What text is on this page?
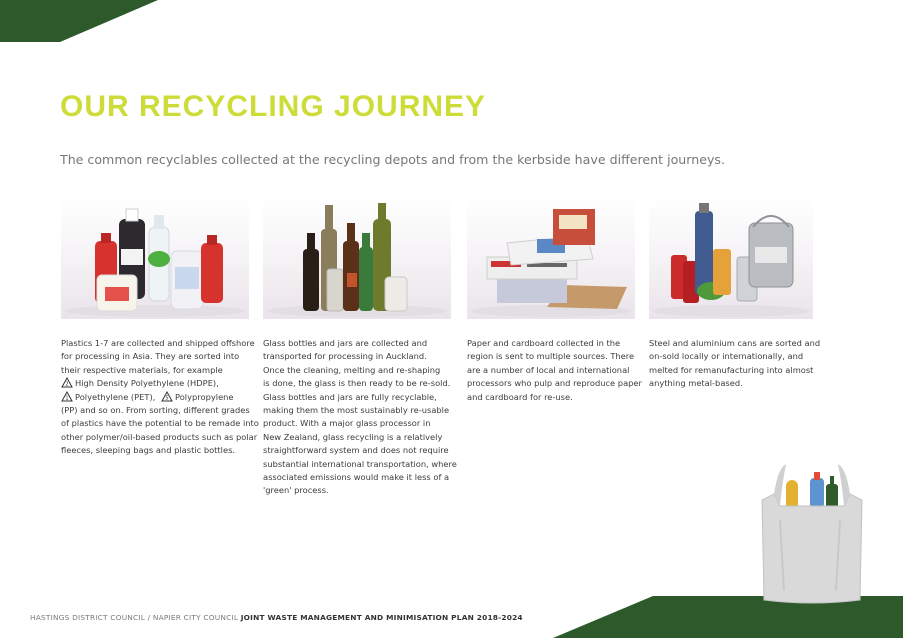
OUR RECYCLING JOURNEY

The common recyclables collected at the recycling depots and from the kerbside have different journeys.

Plastics 1-7 are collected and shipped offshore
for processing in Asia. They are sorted into
their respective materials, for example
2 High Density Polyethylene (HDPE),
1 Polyethylene (PET), 5 Polypropylene
(PP) and so on. From sorting, different grades
of plastics have the potential to be remade into
other polymer/oil-based products such as polar
fleeces, sleeping bags and plastic bottles.
Glass bottles and jars are collected and
transported for processing in Auckland.
Once the cleaning, melting and re-shaping
is done, the glass is then ready to be re-sold.
Glass bottles and jars are fully recyclable,
making them the most sustainably re-usable
product. With a major glass processor in
New Zealand, glass recycling is a relatively
straightforward system and does not require
substantial international transportation, where
associated emissions would make it less of a
'green' process.
Paper and cardboard collected in the
region is sent to multiple sources. There
are a number of local and international
processors who pulp and reproduce paper
and cardboard for re-use.
Steel and aluminium cans are sorted and
on-sold locally or internationally, and
melted for remanufacturing into almost
anything metal-based.
HASTINGS DISTRICT COUNCIL / NAPIER CITY COUNCIL JOINT WASTE MANAGEMENT AND MINIMISATION PLAN 2018-2024
